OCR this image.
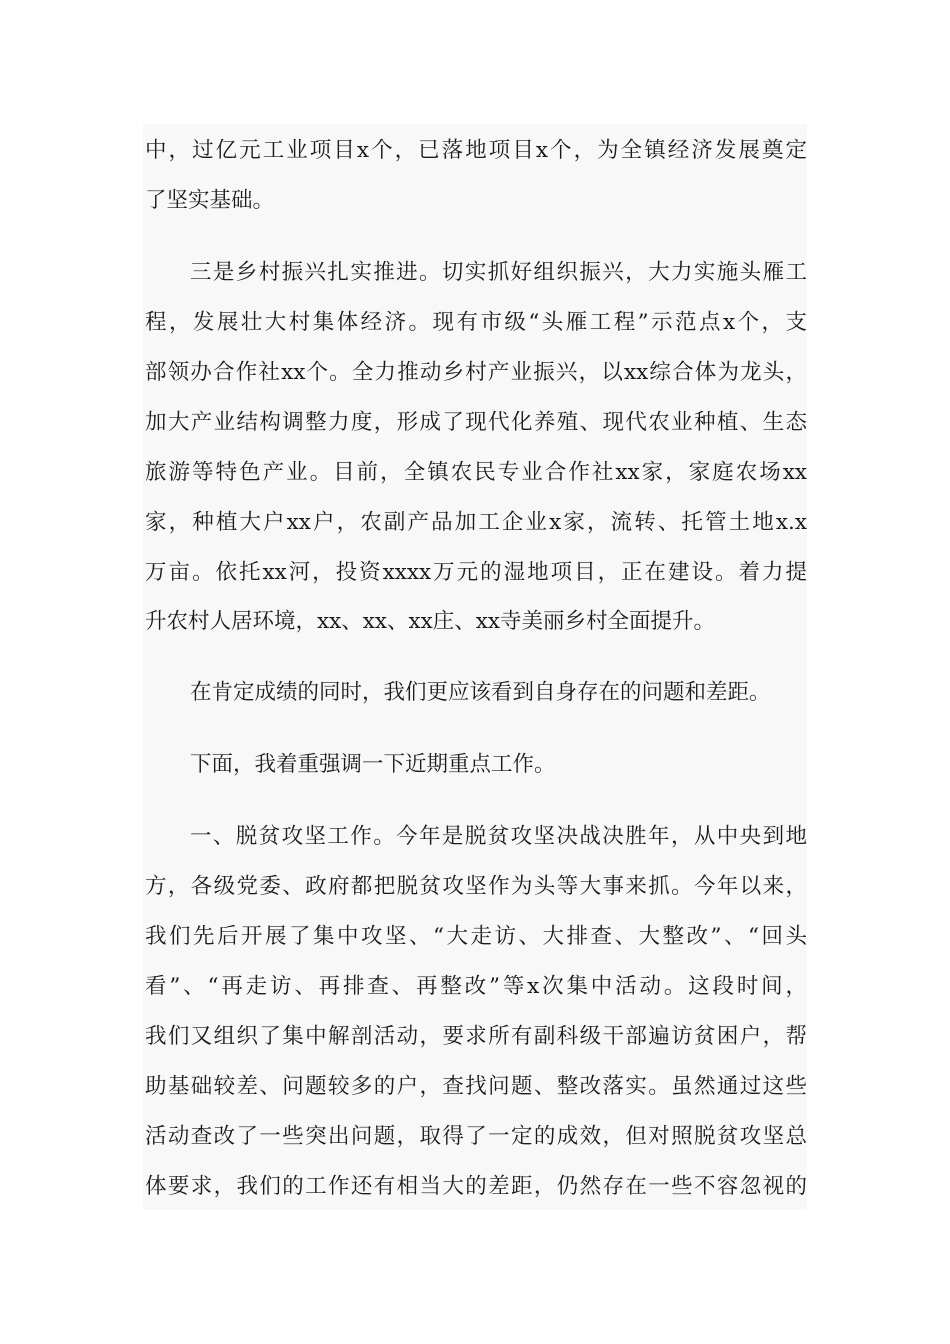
中，过亿元工业项目x个，已落地项目x个，为全镇经济发展奠定
了坚实基础。
三是乡村振兴扎实推进。切实抓好组织振兴，大力实施头雁工
程，发展壮大村集体经济。现有市级“头雁工程”示范点x个，支
部领办合作社xx个。全力推动乡村产业振兴，以xx综合体为龙头，
加大产业结构调整力度，形成了现代化养殖、现代农业种植、生态
旅游等特色产业。目前，全镇农民专业合作社xx家，家庭农场xx
家，种植大户xx户，农副产品加工企业x家，流转、托管土地x.x
万亩。依托xx河，投资xxxx万元的湿地项目，正在建设。着力提
升农村人居环境，xx、xx、xx庄、xx寺美丽乡村全面提升。
在肯定成绩的同时，我们更应该看到自身存在的问题和差距。
下面，我着重强调一下近期重点工作。
一、脱贫攻坚工作。今年是脱贫攻坚决战决胜年，从中央到地
方，各级党委、政府都把脱贫攻坚作为头等大事来抓。今年以来，
我们先后开展了集中攻坚、“大走访、大排查、大整改”、“回头
看”、“再走访、再排查、再整改”等x次集中活动。这段时间，
我们又组织了集中解剖活动，要求所有副科级干部遍访贫困户，帮
助基础较差、问题较多的户，查找问题、整改落实。虽然通过这些
活动查改了一些突出问题，取得了一定的成效，但对照脱贫攻坚总
体要求，我们的工作还有相当大的差距，仍然存在一些不容忽视的
